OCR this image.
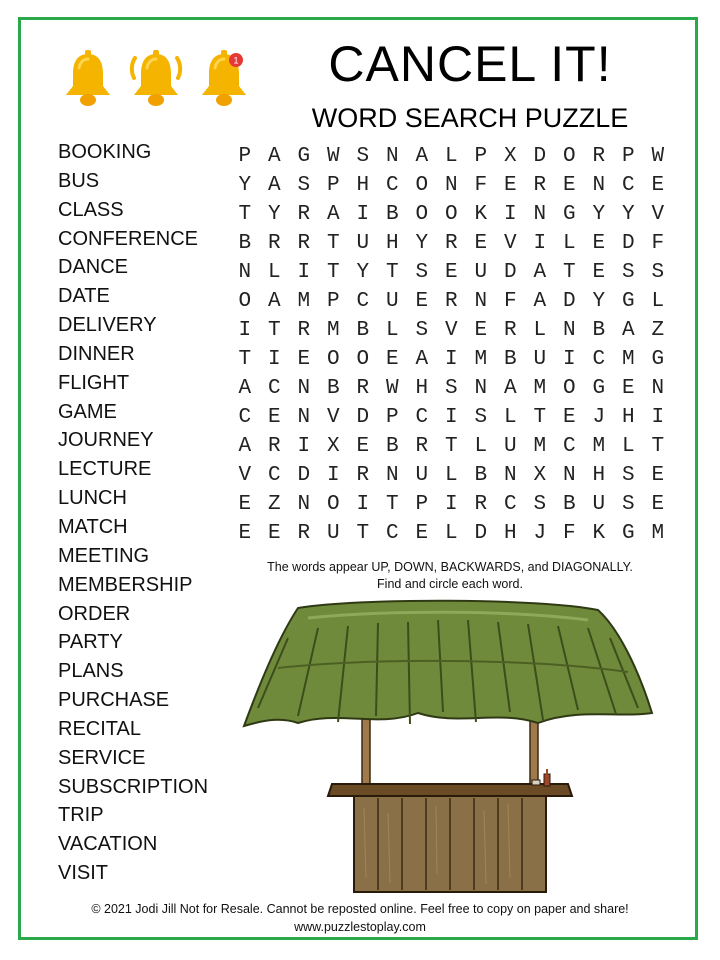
1	CANCEL IT!
WORD SEARCH PUZZLE
BOOKING
BUS
CLASS
CONFERENCE
DANCE
DATE
DELIVERY
DINNER
FLIGHT
GAME
JOURNEY
LECTURE
LUNCH
MATCH
MEETING
MEMBERSHIP
ORDER
PARTY
PLANS
PURCHASE
RECITAL
SERVICE
SUBSCRIPTION
TRIP
VACATION
VISIT
P A G W S N A L P X D O R P W
Y A S P H C O N F E R E N C E
T Y R A I B O O K I N G Y Y V
B R R T U H Y R E V I L E D F
N L I T Y T S E U D A T E S S
O A M P C U E R N F A D Y G L
I T R M B L S V E R L N B A Z
T I E O O E A I M B U I C M G
A C N B R W H S N A M O G E N
C E N V D P C I S L T E J H I
A R I X E B R T L U M C M L T
V C D I R N U L B N X N H S E
E Z N O I T P I R C S B U S E
E E R U T C E L D H J F K G M
The words appear UP, DOWN, BACKWARDS, and DIAGONALLY.
Find and circle each word.
© 2021 Jodi Jill Not for Resale. Cannot be reposted online. Feel free to copy on paper and share!
www.puzzlestoplay.com
